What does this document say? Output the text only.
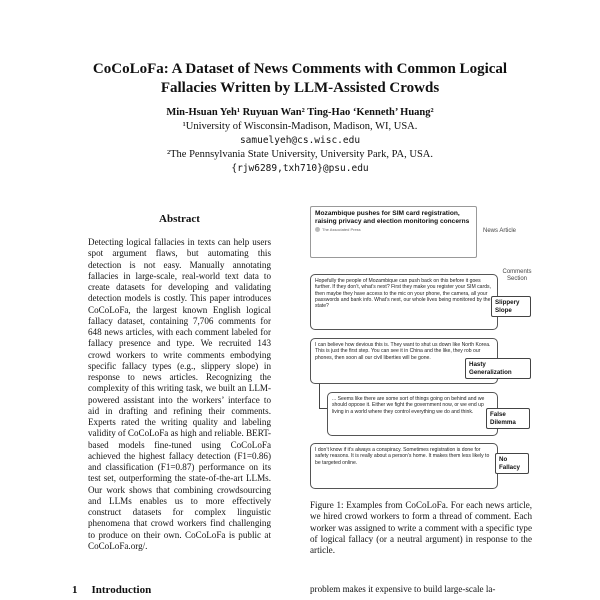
CoCoLoFa: A Dataset of News Comments with Common Logical
Fallacies Written by LLM-Assisted Crowds
Min-Hsuan Yeh¹ Ruyuan Wan² Ting-Hao ‘Kenneth’ Huang²
¹University of Wisconsin-Madison, Madison, WI, USA.
samuelyeh@cs.wisc.edu
²The Pennsylvania State University, University Park, PA, USA.
{rjw6289,txh710}@psu.edu
Abstract
Detecting logical fallacies in texts can help users spot argument flaws, but automating this detection is not easy. Manually annotating fallacies in large-scale, real-world text data to create datasets for developing and validating detection models is costly. This paper introduces CoCoLoFa, the largest known English logical fallacy dataset, containing 7,706 comments for 648 news articles, with each comment labeled for fallacy presence and type. We recruited 143 crowd workers to write comments embodying specific fallacy types (e.g., slippery slope) in response to news articles. Recognizing the complexity of this writing task, we built an LLM-powered assistant into the workers’ interface to aid in drafting and refining their comments. Experts rated the writing quality and labeling validity of CoCoLoFa as high and reliable. BERT-based models fine-tuned using CoCoLoFa achieved the highest fallacy detection (F1=0.86) and classification (F1=0.87) performance on its test set, outperforming the state-of-the-art LLMs. Our work shows that combining crowdsourcing and LLMs enables us to more effectively construct datasets for complex linguistic phenomena that crowd workers find challenging to produce on their own. CoCoLoFa is public at CoCoLoFa.org/.
1 Introduction
Mozambique pushes for SIM card registration, raising privacy and election monitoring concerns
The Associated Press	News Article
Comments Section
Hopefully the people of Mozambique can push back on this before it goes further. If they don’t, what’s next? First they make you register your SIM cards, then maybe they have access to the mic on your phone, the camera, all your passwords and bank info. What’s next, our whole lives being monitored by the state?
Slippery Slope
I can believe how devious this is. They want to shut us down like North Korea. This is just the first step. You can see it in China and the like, they rob our phones, then soon all our civil liberties will be gone.
Hasty Generalization
... Seems like there are some sort of things going on behind and we should oppose it. Either we fight the government now, or we end up living in a world where they control everything we do and think.	False Dilemma
I don’t know if it’s always a conspiracy. Sometimes registration is done for safety reasons. It is really about a person’s home. It makes them less likely to be targeted online.	No Fallacy
Figure 1: Examples from CoCoLoFa. For each news article, we hired crowd workers to form a thread of comment. Each worker was assigned to write a comment with a specific type of logical fallacy (or a neutral argument) in response to the article.
problem makes it expensive to build large-scale la-
